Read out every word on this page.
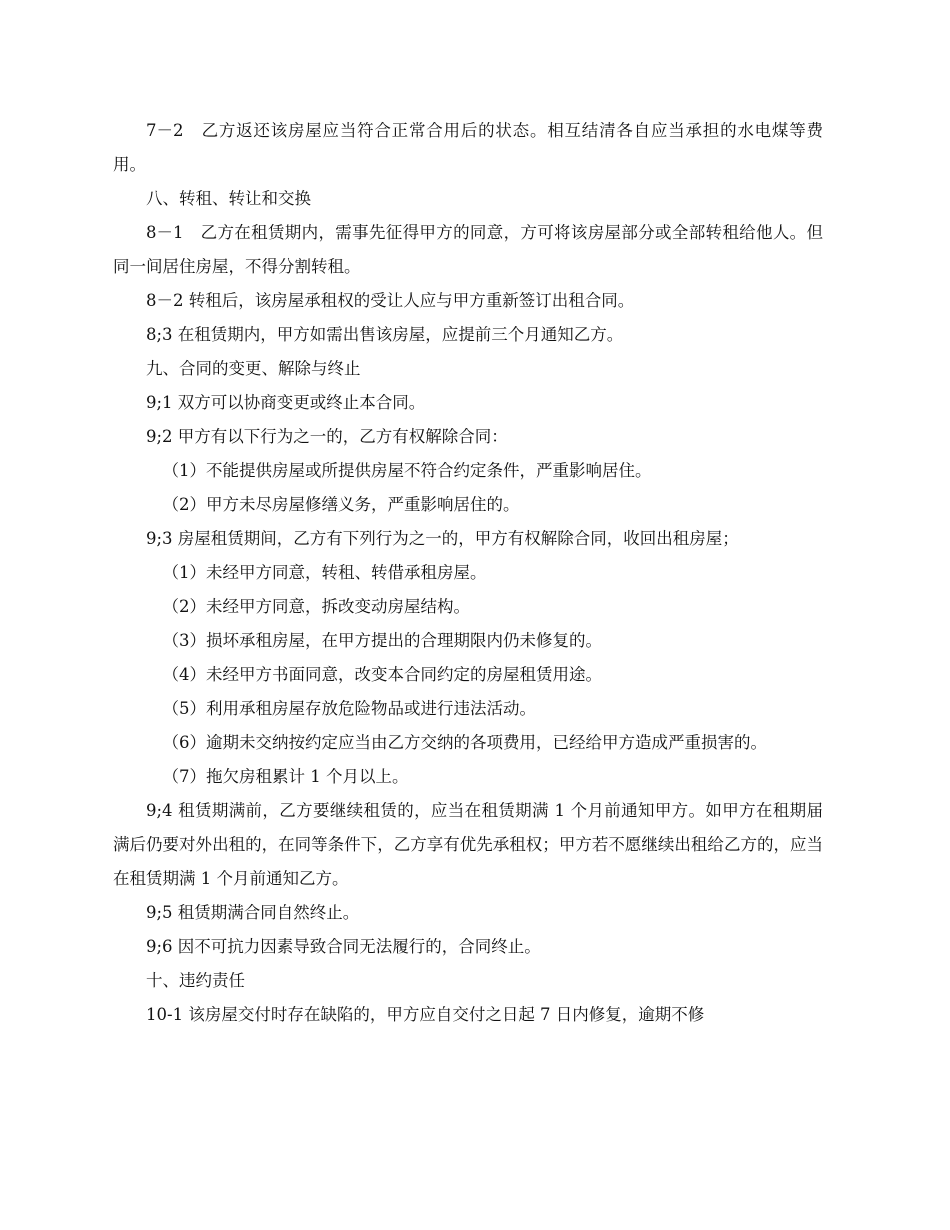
7－2　乙方返还该房屋应当符合正常合用后的状态。相互结清各自应当承担的水电煤等费用。

八、转租、转让和交换

8－1　乙方在租赁期内，需事先征得甲方的同意，方可将该房屋部分或全部转租给他人。但同一间居住房屋，不得分割转租。

8－2 转租后，该房屋承租权的受让人应与甲方重新签订出租合同。

8;3 在租赁期内，甲方如需出售该房屋，应提前三个月通知乙方。

九、合同的变更、解除与终止

9;1 双方可以协商变更或终止本合同。

9;2 甲方有以下行为之一的，乙方有权解除合同：

（1）不能提供房屋或所提供房屋不符合约定条件，严重影响居住。

（2）甲方未尽房屋修缮义务，严重影响居住的。

9;3 房屋租赁期间，乙方有下列行为之一的，甲方有权解除合同，收回出租房屋；

（1）未经甲方同意，转租、转借承租房屋。

（2）未经甲方同意，拆改变动房屋结构。

（3）损坏承租房屋，在甲方提出的合理期限内仍未修复的。

（4）未经甲方书面同意，改变本合同约定的房屋租赁用途。

（5）利用承租房屋存放危险物品或进行违法活动。

（6）逾期未交纳按约定应当由乙方交纳的各项费用，已经给甲方造成严重损害的。

（7）拖欠房租累计 1 个月以上。

9;4 租赁期满前，乙方要继续租赁的，应当在租赁期满 1 个月前通知甲方。如甲方在租期届满后仍要对外出租的，在同等条件下，乙方享有优先承租权；甲方若不愿继续出租给乙方的，应当在租赁期满 1 个月前通知乙方。

9;5 租赁期满合同自然终止。

9;6 因不可抗力因素导致合同无法履行的，合同终止。

十、违约责任

10-1 该房屋交付时存在缺陷的，甲方应自交付之日起 7 日内修复，逾期不修
